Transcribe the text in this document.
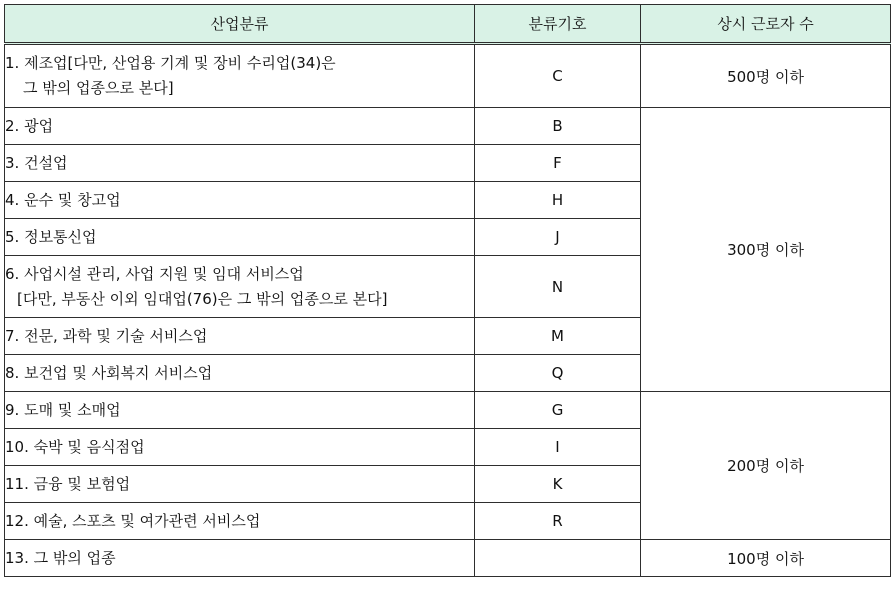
산업분류	분류기호	상시 근로자 수
1. 제조업[다만, 산업용 기계 및 장비 수리업(34)은
그 밖의 업종으로 본다]	C	500명 이하
2. 광업	B	300명 이하
3. 건설업	F	
4. 운수 및 창고업	H	
5. 정보통신업	J	
6. 사업시설 관리, 사업 지원 및 임대 서비스업
[다만, 부동산 이외 임대업(76)은 그 밖의 업종으로 본다]	N	
7. 전문, 과학 및 기술 서비스업	M	
8. 보건업 및 사회복지 서비스업	Q	
9. 도매 및 소매업	G	200명 이하
10. 숙박 및 음식점업	I	
11. 금융 및 보험업	K	
12. 예술, 스포츠 및 여가관련 서비스업	R	
13. 그 밖의 업종		100명 이하
